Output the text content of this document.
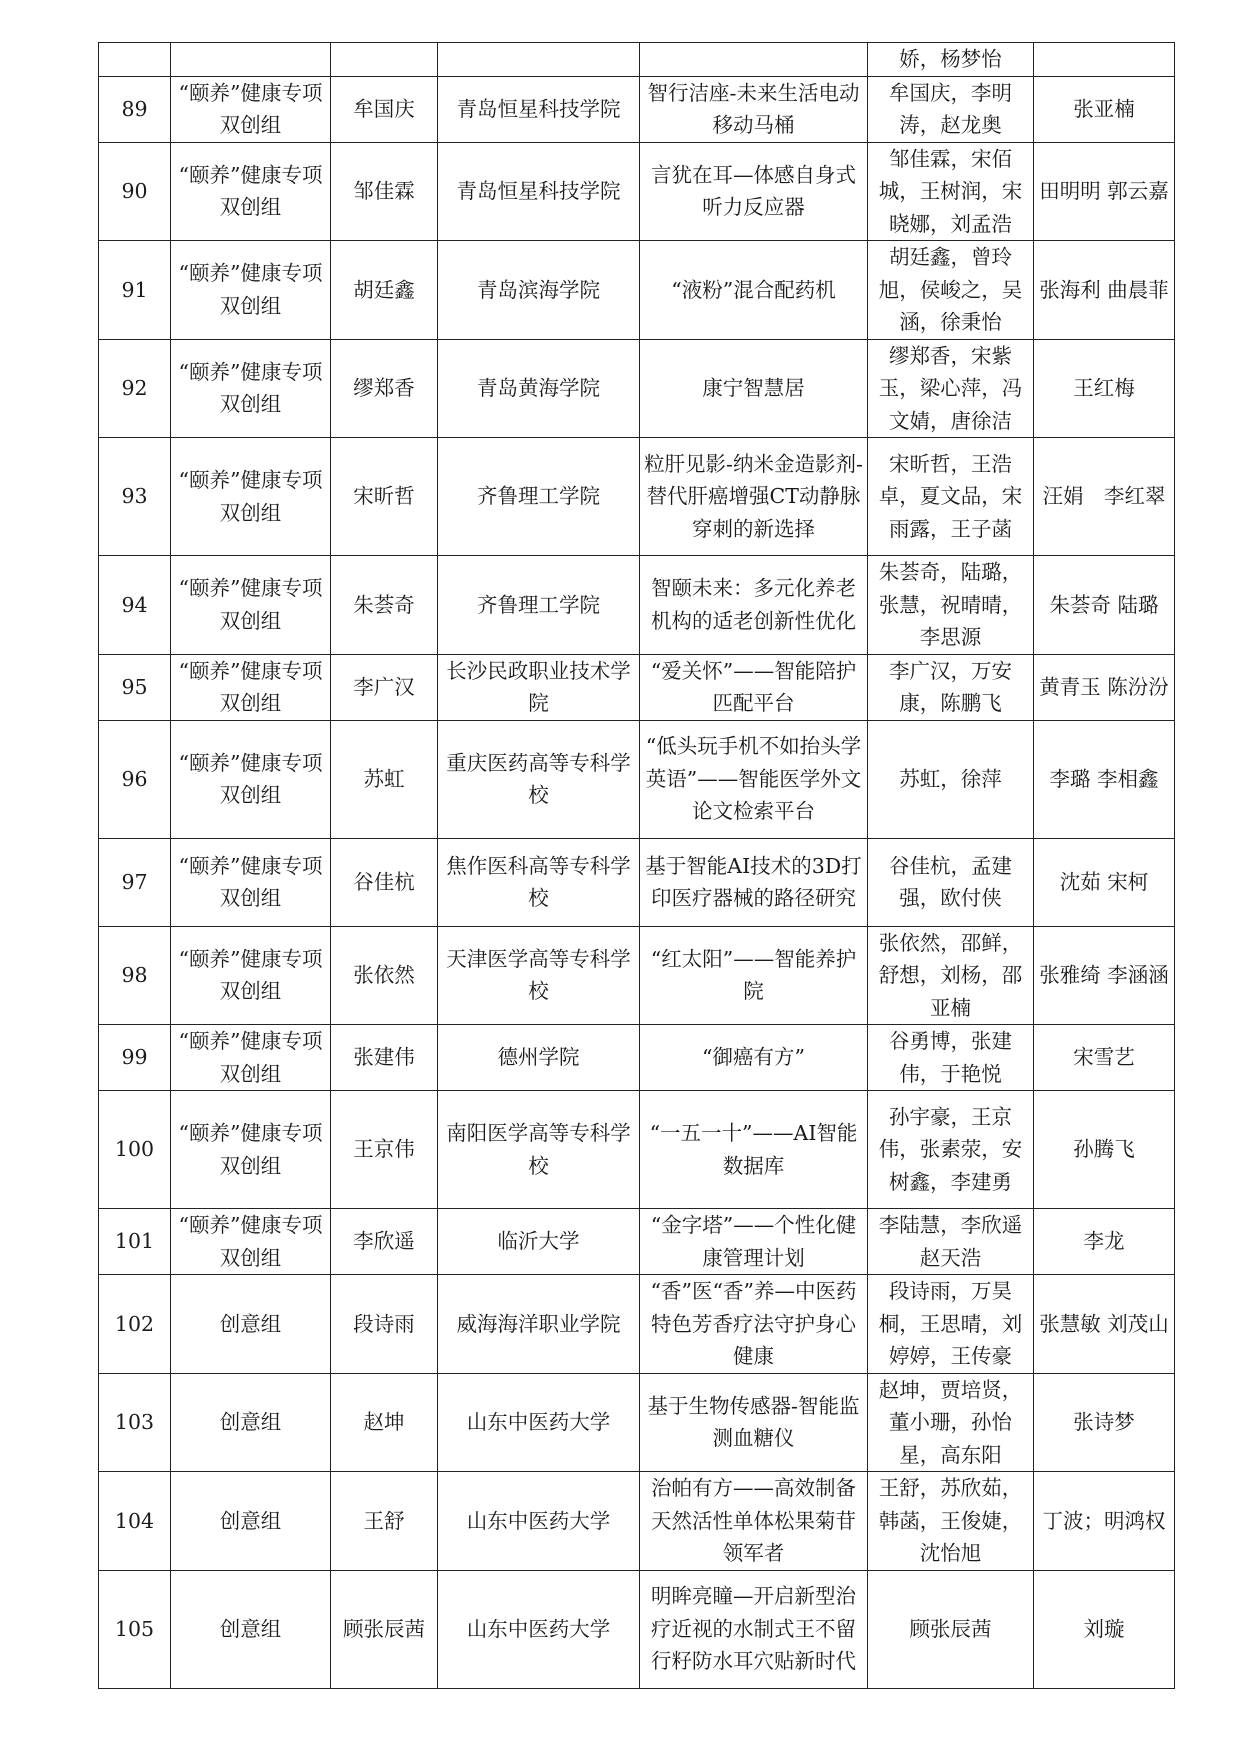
					娇，杨梦怡	
89	“颐养”健康专项双创组	牟国庆	青岛恒星科技学院	智行洁座-未来生活电动移动马桶	牟国庆，李明涛，赵龙奥	张亚楠
90	“颐养”健康专项双创组	邹佳霖	青岛恒星科技学院	言犹在耳—体感自身式听力反应器	邹佳霖，宋佰城，王树润，宋晓娜，刘孟浩	田明明 郭云嘉
91	“颐养”健康专项双创组	胡廷鑫	青岛滨海学院	“液粉”混合配药机	胡廷鑫，曾玲旭，侯峻之，吴涵，徐秉怡	张海利 曲晨菲
92	“颐养”健康专项双创组	缪郑香	青岛黄海学院	康宁智慧居	缪郑香，宋紫玉，梁心萍，冯文婧，唐徐洁	王红梅
93	“颐养”健康专项双创组	宋昕哲	齐鲁理工学院	粒肝见影-纳米金造影剂-替代肝癌增强CT动静脉穿刺的新选择	宋昕哲，王浩卓，夏文品，宋雨露，王子菡	汪娟　李红翠
94	“颐养”健康专项双创组	朱荟奇	齐鲁理工学院	智颐未来：多元化养老机构的适老创新性优化	朱荟奇，陆璐，张慧，祝晴晴，李思源	朱荟奇 陆璐
95	“颐养”健康专项双创组	李广汉	长沙民政职业技术学院	“爱关怀”——智能陪护匹配平台	李广汉，万安康，陈鹏飞	黄青玉 陈汾汾
96	“颐养”健康专项双创组	苏虹	重庆医药高等专科学校	“低头玩手机不如抬头学英语”——智能医学外文论文检索平台	苏虹，徐萍	李璐 李相鑫
97	“颐养”健康专项双创组	谷佳杭	焦作医科高等专科学校	基于智能AI技术的3D打印医疗器械的路径研究	谷佳杭，孟建强，欧付侠	沈茹 宋柯
98	“颐养”健康专项双创组	张依然	天津医学高等专科学校	“红太阳”——智能养护院	张依然，邵鲜，舒想，刘杨，邵亚楠	张雅绮 李涵涵
99	“颐养”健康专项双创组	张建伟	德州学院	“御癌有方”	谷勇博，张建伟，于艳悦	宋雪艺
100	“颐养”健康专项双创组	王京伟	南阳医学高等专科学校	“一五一十”——AI智能数据库	孙宇豪，王京伟，张素荥，安树鑫，李建勇	孙腾飞
101	“颐养”健康专项双创组	李欣遥	临沂大学	“金字塔”——个性化健康管理计划	李陆慧，李欣遥 赵天浩	李龙
102	创意组	段诗雨	威海海洋职业学院	“香”医“香”养—中医药特色芳香疗法守护身心健康	段诗雨，万昊桐，王思晴，刘婷婷，王传豪	张慧敏 刘茂山
103	创意组	赵坤	山东中医药大学	基于生物传感器-智能监测血糖仪	赵坤，贾培贤，董小珊，孙怡星，高东阳	张诗梦
104	创意组	王舒	山东中医药大学	治帕有方——高效制备天然活性单体松果菊苷领军者	王舒，苏欣茹，韩菡，王俊婕，沈怡旭	丁波；明鸿权
105	创意组	顾张辰茜	山东中医药大学	明眸亮瞳—开启新型治疗近视的水制式王不留行籽防水耳穴贴新时代	顾张辰茜	刘璇
